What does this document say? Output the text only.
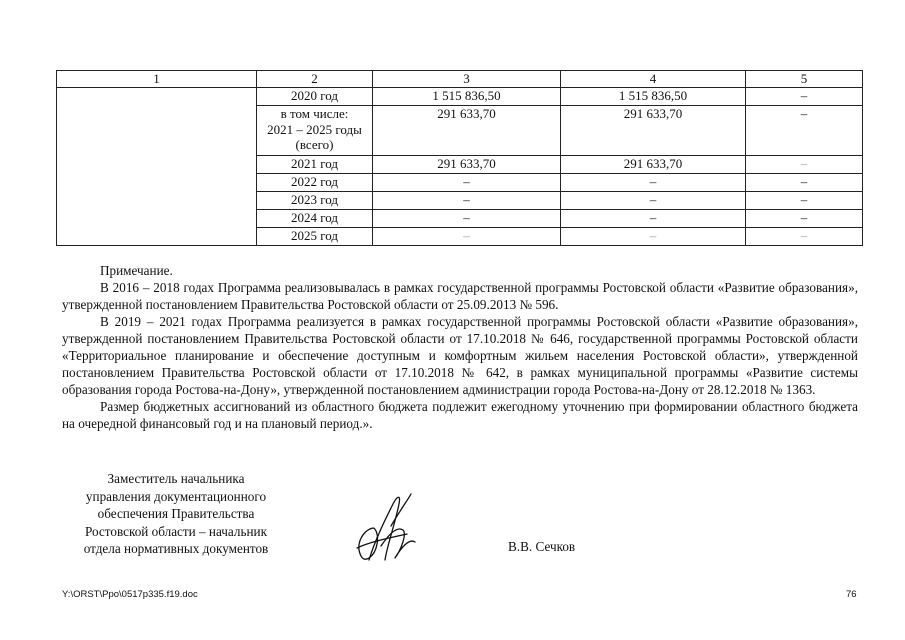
1	2	3	4	5
	2020 год	1 515 836,50	1 515 836,50	–

	в том числе:
2021 – 2025 годы
(всего)	291 633,70	291 633,70	–
	2021 год	291 633,70	291 633,70	–
	2022 год	–	–	–
	2023 год	–	–	–
	2024 год	–	–	–
	2025 год	–	–	–

Примечание.

В 2016 – 2018 годах Программа реализовывалась в рамках государственной программы Ростовской области «Развитие образования», утвержденной постановлением Правительства Ростовской области от 25.09.2013 № 596.

В 2019 – 2021 годах Программа реализуется в рамках государственной программы Ростовской области «Развитие образования», утвержденной постановлением Правительства Ростовской области от 17.10.2018 № 646, государственной программы Ростовской области «Территориальное планирование и обеспечение доступным и комфортным жильем населения Ростовской области», утвержденной постановлением Правительства Ростовской области от 17.10.2018 № 642, в рамках муниципальной программы «Развитие системы образования города Ростова-на-Дону», утвержденной постановлением администрации города Ростова-на-Дону от 28.12.2018 № 1363.

Размер бюджетных ассигнований из областного бюджета подлежит ежегодному уточнению при формировании областного бюджета на очередной финансовый год и на плановый период.».

Заместитель начальника
управления документационного
обеспечения Правительства
Ростовской области – начальник
отдела нормативных документов	В.В. Сечков
Y:\ORST\Ppo\0517p335.f19.doc	76
